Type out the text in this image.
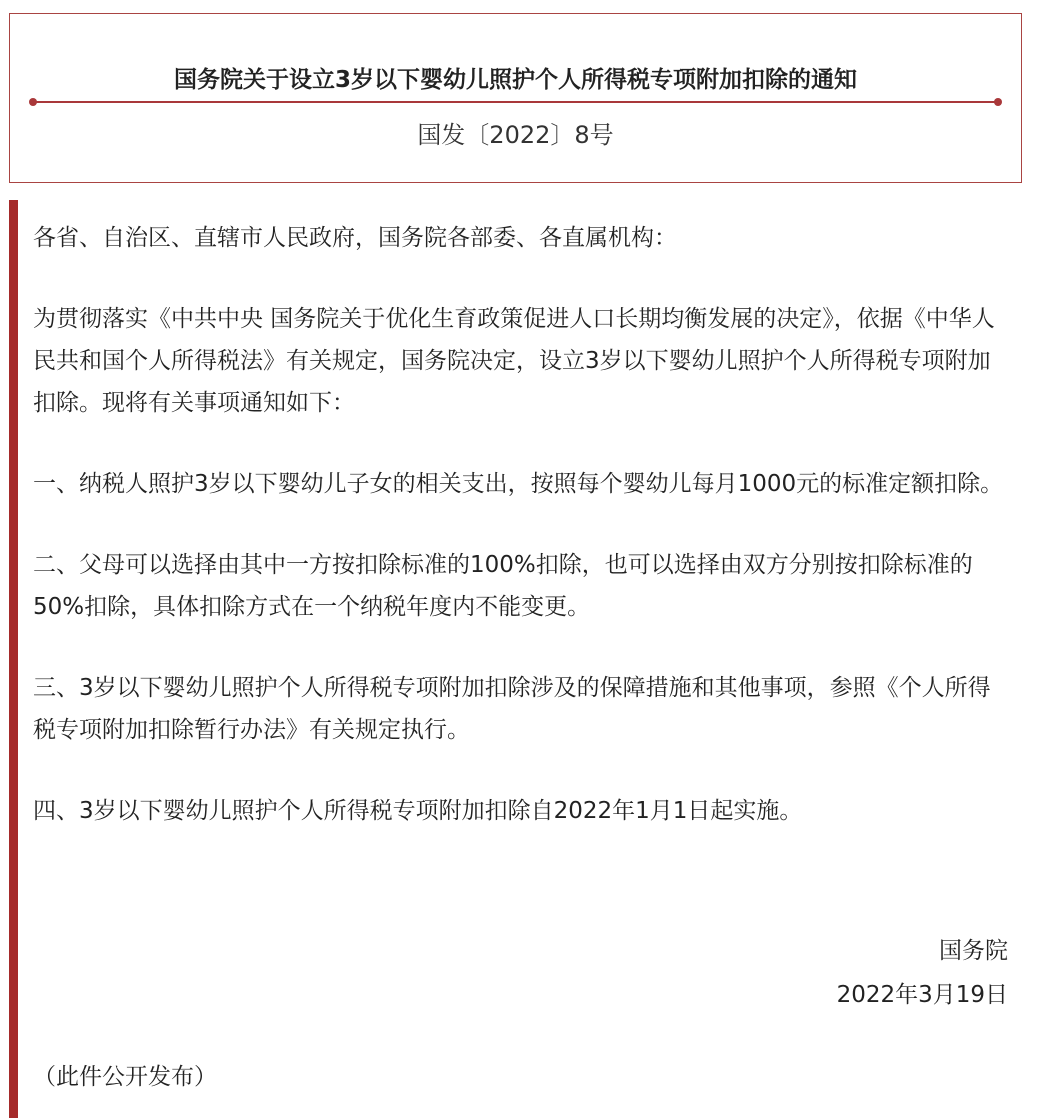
国务院关于设立3岁以下婴幼儿照护个人所得税专项附加扣除的通知
国发〔2022〕8号

各省、自治区、直辖市人民政府，国务院各部委、各直属机构：

为贯彻落实《中共中央 国务院关于优化生育政策促进人口长期均衡发展的决定》，依据《中华人民共和国个人所得税法》有关规定，国务院决定，设立3岁以下婴幼儿照护个人所得税专项附加扣除。现将有关事项通知如下：

一、纳税人照护3岁以下婴幼儿子女的相关支出，按照每个婴幼儿每月1000元的标准定额扣除。

二、父母可以选择由其中一方按扣除标准的100%扣除，也可以选择由双方分别按扣除标准的50%扣除，具体扣除方式在一个纳税年度内不能变更。

三、3岁以下婴幼儿照护个人所得税专项附加扣除涉及的保障措施和其他事项，参照《个人所得税专项附加扣除暂行办法》有关规定执行。

四、3岁以下婴幼儿照护个人所得税专项附加扣除自2022年1月1日起实施。

国务院
2022年3月19日
（此件公开发布）
